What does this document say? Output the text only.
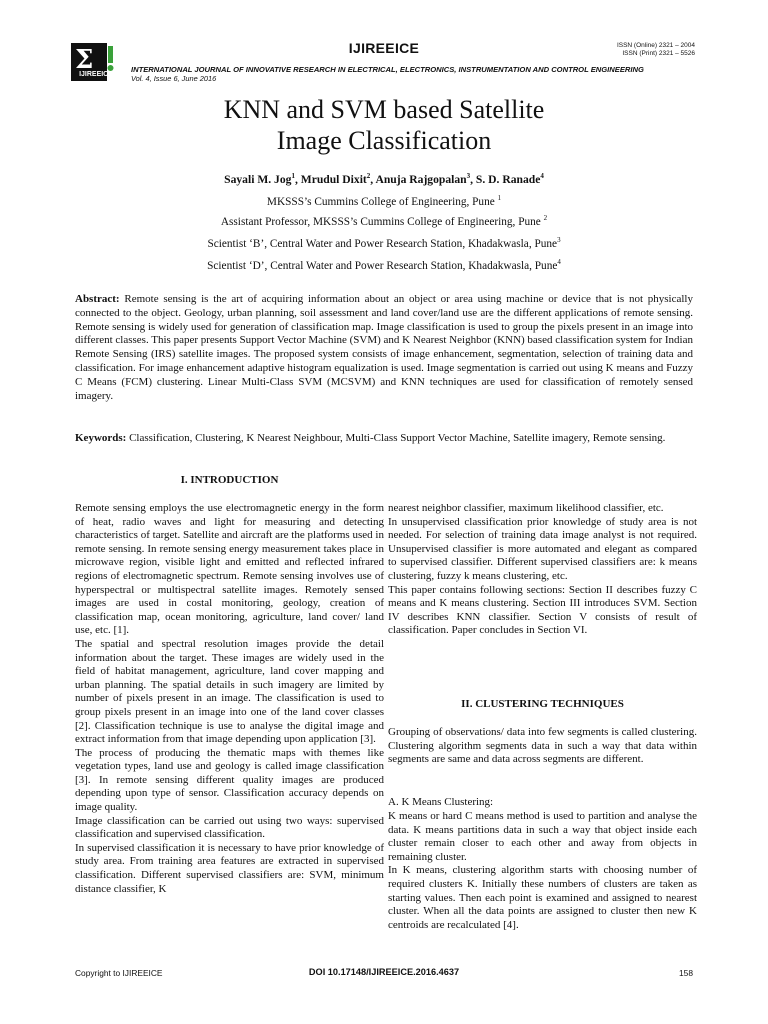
Σ
IJIREEICE
IJIREEICE	ISSN (Online) 2321 – 2004
ISSN (Print) 2321 – 5526
INTERNATIONAL JOURNAL OF INNOVATIVE RESEARCH IN ELECTRICAL, ELECTRONICS, INSTRUMENTATION AND CONTROL ENGINEERING
Vol. 4, Issue 6, June 2016
KNN and SVM based Satellite
Image Classification
Sayali M. Jog$^1$, Mrudul Dixit$^2$, Anuja Rajgopalan$^3$, S. D. Ranade$^4$
MKSSS’s Cummins College of Engineering, Pune $^1$
Assistant Professor, MKSSS’s Cummins College of Engineering, Pune $^2$
Scientist ‘B’, Central Water and Power Research Station, Khadakwasla, Pune$^3$
Scientist ‘D’, Central Water and Power Research Station, Khadakwasla, Pune$^4$
Abstract: Remote sensing is the art of acquiring information about an object or area using machine or device that is not physically connected to the object. Geology, urban planning, soil assessment and land cover/land use are the different applications of remote sensing. Remote sensing is widely used for generation of classification map. Image classification is used to group the pixels present in an image into different classes. This paper presents Support Vector Machine (SVM) and K Nearest Neighbor (KNN) based classification system for Indian Remote Sensing (IRS) satellite images. The proposed system consists of image enhancement, segmentation, selection of training data and classification. For image enhancement adaptive histogram equalization is used. Image segmentation is carried out using K means and Fuzzy C Means (FCM) clustering. Linear Multi-Class SVM (MCSVM) and KNN techniques are used for classification of remotely sensed imagery.
Keywords: Classification, Clustering, K Nearest Neighbour, Multi-Class Support Vector Machine, Satellite imagery, Remote sensing.
I. INTRODUCTION

Remote sensing employs the use electromagnetic energy in the form of heat, radio waves and light for measuring and detecting characteristics of target. Satellite and aircraft are the platforms used in remote sensing. In remote sensing energy measurement takes place in microwave region, visible light and emitted and reflected infrared regions of electromagnetic spectrum. Remote sensing involves use of hyperspectral or multispectral satellite images. Remotely sensed images are used in costal monitoring, geology, creation of classification map, ocean monitoring, agriculture, land cover/ land use, etc. [1].

The spatial and spectral resolution images provide the detail information about the target. These images are widely used in the field of habitat management, agriculture, land cover mapping and urban planning. The spatial details in such imagery are limited by number of pixels present in an image. The classification is used to group pixels present in an image into one of the land cover classes [2]. Classification technique is use to analyse the digital image and extract information from that image depending upon application [3].

The process of producing the thematic maps with themes like vegetation types, land use and geology is called image classification [3]. In remote sensing different quality images are produced depending upon type of sensor. Classification accuracy depends on image quality.

Image classification can be carried out using two ways: supervised classification and supervised classification.

In supervised classification it is necessary to have prior knowledge of study area. From training area features are extracted in supervised classification. Different supervised classifiers are: SVM, minimum distance classifier, K

nearest neighbor classifier, maximum likelihood classifier, etc.

In unsupervised classification prior knowledge of study area is not needed. For selection of training data image analyst is not required. Unsupervised classifier is more automated and elegant as compared to supervised classifier. Different supervised classifiers are: k means clustering, fuzzy k means clustering, etc.

This paper contains following sections: Section II describes fuzzy C means and K means clustering. Section III introduces SVM. Section IV describes KNN classifier. Section V consists of result of classification. Paper concludes in Section VI.

II. CLUSTERING TECHNIQUES

Grouping of observations/ data into few segments is called clustering. Clustering algorithm segments data in such a way that data within segments are same and data across segments are different.

A. K Means Clustering:

K means or hard C means method is used to partition and analyse the data. K means partitions data in such a way that object inside each cluster remain closer to each other and away from objects in remaining cluster.

In K means, clustering algorithm starts with choosing number of required clusters K. Initially these numbers of clusters are taken as starting values. Then each point is examined and assigned to nearest cluster. When all the data points are assigned to cluster then new K centroids are recalculated [4].

Copyright to IJIREEICE	DOI 10.17148/IJIREEICE.2016.4637	158
